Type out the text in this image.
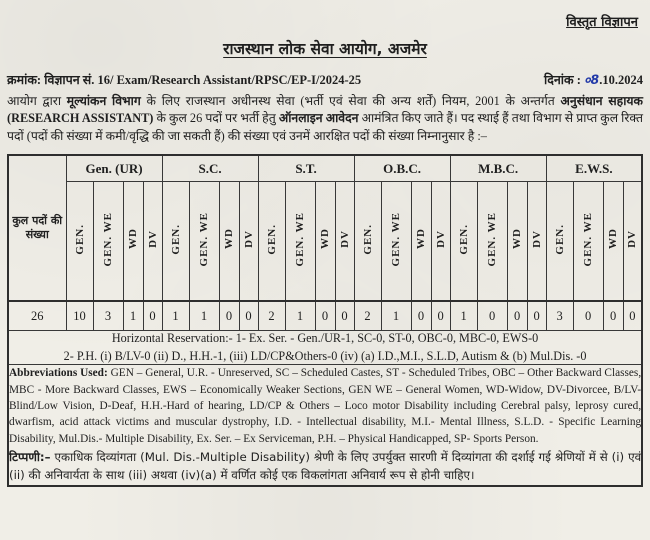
विस्तृत विज्ञापन
राजस्थान लोक सेवा आयोग, अजमेर
क्रमांक: विज्ञापन सं. 16/ Exam/Research Assistant/RPSC/EP-I/2024-25	दिनांक : ०8.10.2024
आयोग द्वारा मूल्यांकन विभाग के लिए राजस्थान अधीनस्थ सेवा (भर्ती एवं सेवा की अन्य शर्तें) नियम, 2001 के अन्तर्गत अनुसंधान सहायक (RESEARCH ASSISTANT) के कुल 26 पदों पर भर्ती हेतु ऑनलाइन आवेदन आमंत्रित किए जाते हैं। पद स्थाई हैं तथा विभाग से प्राप्त कुल रिक्त पदों (पदों की संख्या में कमी/वृद्धि की जा सकती हैं) की संख्या एवं उनमें आरक्षित पदों की संख्या निम्नानुसार है :–
कुल पदों की संख्या	Gen. (UR)				S.C.				S.T.				O.B.C.				M.B.C.				E.W.S.			
	GEN.	GEN. WE	WD	DV	GEN.	GEN. WE	WD	DV	GEN.	GEN. WE	WD	DV	GEN.	GEN. WE	WD	DV	GEN.	GEN. WE	WD	DV	GEN.	GEN. WE	WD	DV
26	10	3	1	0	1	1	0	0	2	1	0	0	2	1	0	0	1	0	0	0	3	0	0	0

Horizontal Reservation:- 1- Ex. Ser. - Gen./UR-1, SC-0, ST-0, OBC-0, MBC-0, EWS-0
2- P.H. (i) B/LV-0 (ii) D., H.H.-1, (iii) LD/CP&Others-0 (iv) (a) I.D.,M.I., S.L.D, Autism & (b) Mul.Dis. -0																								

Abbreviations Used: GEN – General, U.R. - Unreserved, SC – Scheduled Castes, ST - Scheduled Tribes, OBC – Other Backward Classes, MBC - More Backward Classes, EWS – Economically Weaker Sections, GEN WE – General Women, WD-Widow, DV-Divorcee, B/LV- Blind/Low Vision, D-Deaf, H.H.-Hard of hearing, LD/CP & Others – Loco motor Disability including Cerebral palsy, leprosy cured, dwarfism, acid attack victims and muscular dystrophy, I.D. - Intellectual disability, M.I.- Mental Illness, S.L.D. - Specific Learning Disability, Mul.Dis.- Multiple Disability, Ex. Ser. – Ex Serviceman, P.H. – Physical Handicapped, SP- Sports Person.

टिप्पणी:– एकाधिक दिव्यांगता (Mul. Dis.-Multiple Disability) श्रेणी के लिए उपर्युक्त सारणी में दिव्यांगता की दर्शाई गई श्रेणियों में से (i) एवं (ii) की अनिवार्यता के साथ (iii) अथवा (iv)(a) में वर्णित कोई एक विकलांगता अनिवार्य रूप से होनी चाहिए।																								
